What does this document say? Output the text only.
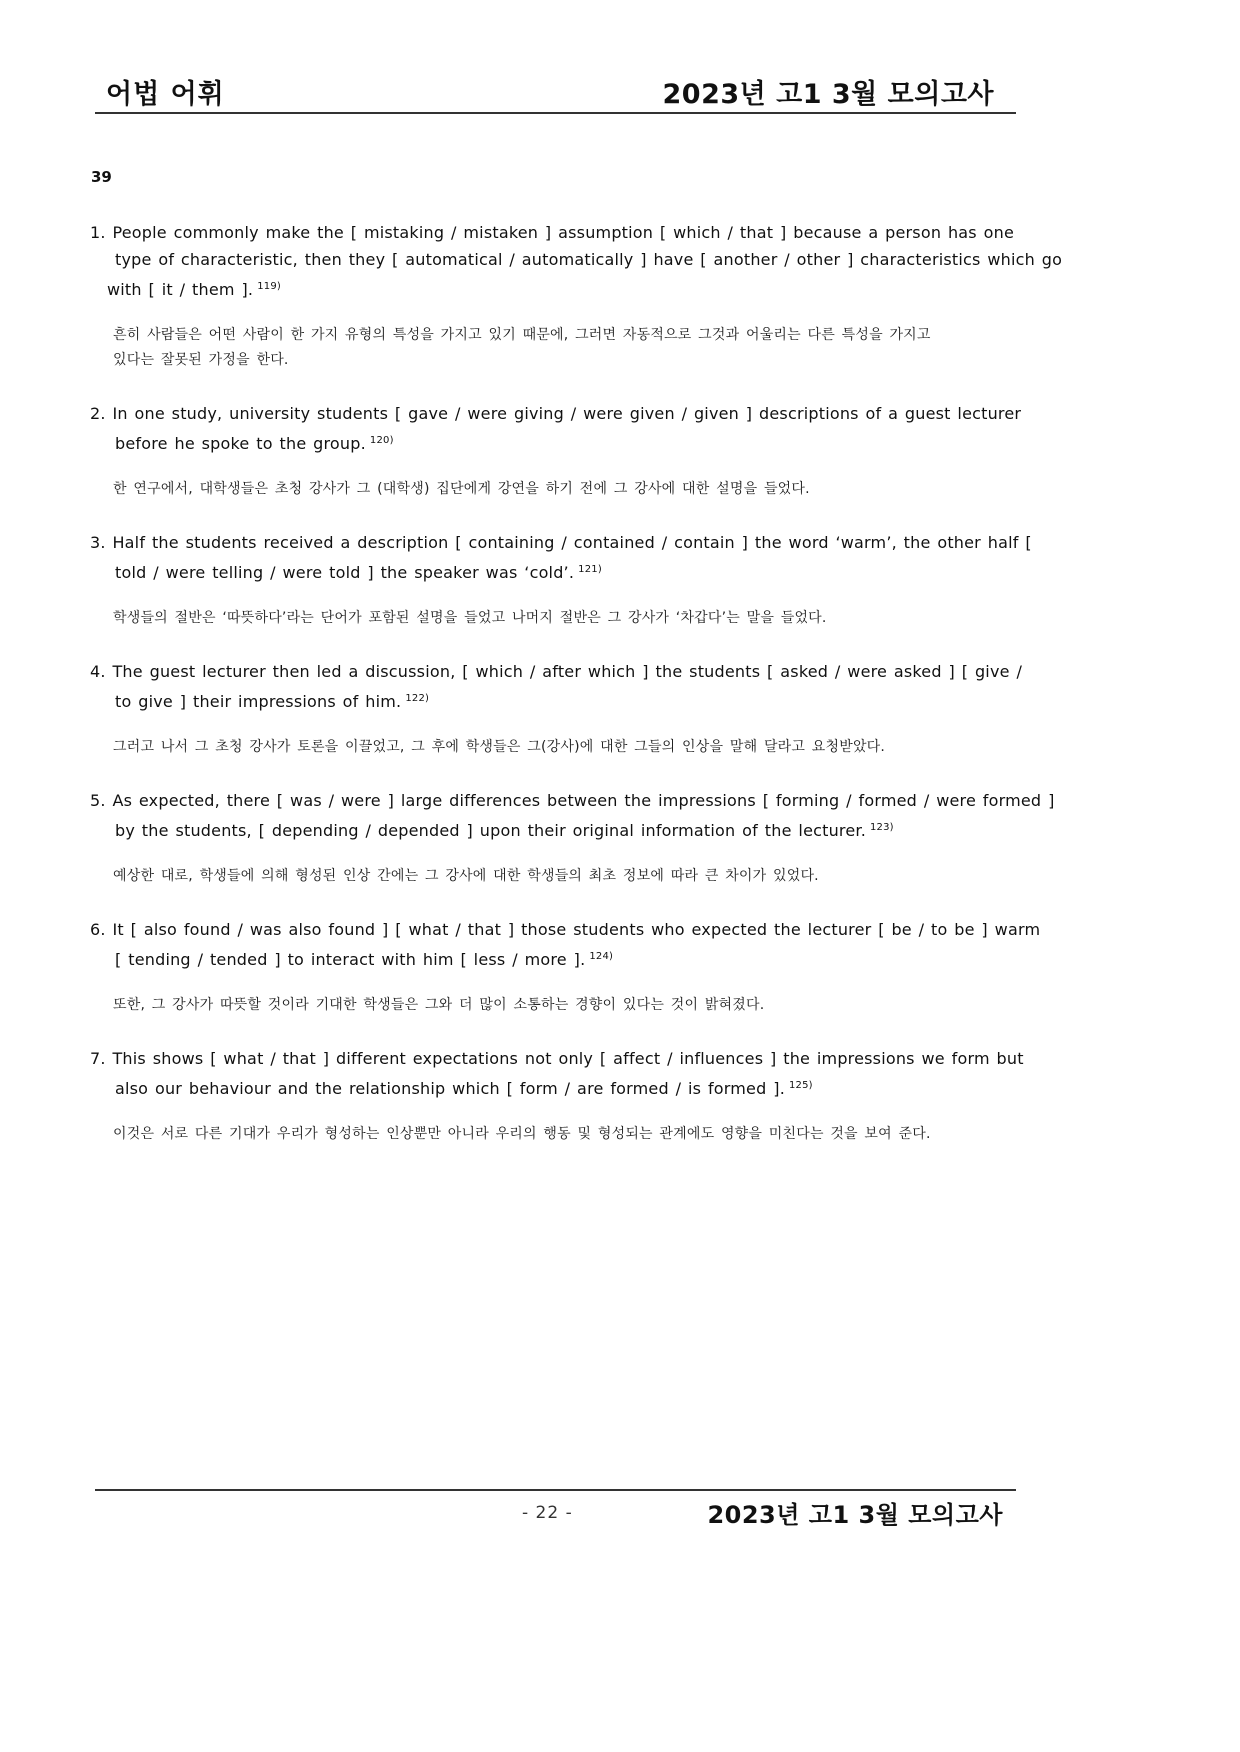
어법 어휘	2023년 고1 3월 모의고사
39
1. People commonly make the [ mistaking / mistaken ] assumption [ which / that ] because a person has one
type of characteristic, then they [ automatical / automatically ] have [ another / other ] characteristics which go
with [ it / them ]. $^{119)}$
흔히 사람들은 어떤 사람이 한 가지 유형의 특성을 가지고 있기 때문에, 그러면 자동적으로 그것과 어울리는 다른 특성을 가지고
있다는 잘못된 가정을 한다.
2. In one study, university students [ gave / were giving / were given / given ] descriptions of a guest lecturer
before he spoke to the group. $^{120)}$
한 연구에서, 대학생들은 초청 강사가 그 (대학생) 집단에게 강연을 하기 전에 그 강사에 대한 설명을 들었다.
3. Half the students received a description [ containing / contained / contain ] the word ‘warm’, the other half [
told / were telling / were told ] the speaker was ‘cold’. $^{121)}$
학생들의 절반은 ‘따뜻하다’라는 단어가 포함된 설명을 들었고 나머지 절반은 그 강사가 ‘차갑다’는 말을 들었다.
4. The guest lecturer then led a discussion, [ which / after which ] the students [ asked / were asked ] [ give /
to give ] their impressions of him. $^{122)}$
그러고 나서 그 초청 강사가 토론을 이끌었고, 그 후에 학생들은 그(강사)에 대한 그들의 인상을 말해 달라고 요청받았다.
5. As expected, there [ was / were ] large differences between the impressions [ forming / formed / were formed ]
by the students, [ depending / depended ] upon their original information of the lecturer. $^{123)}$
예상한 대로, 학생들에 의해 형성된 인상 간에는 그 강사에 대한 학생들의 최초 정보에 따라 큰 차이가 있었다.
6. It [ also found / was also found ] [ what / that ] those students who expected the lecturer [ be / to be ] warm
[ tending / tended ] to interact with him [ less / more ]. $^{124)}$
또한, 그 강사가 따뜻할 것이라 기대한 학생들은 그와 더 많이 소통하는 경향이 있다는 것이 밝혀졌다.
7. This shows [ what / that ] different expectations not only [ affect / influences ] the impressions we form but
also our behaviour and the relationship which [ form / are formed / is formed ]. $^{125)}$
이것은 서로 다른 기대가 우리가 형성하는 인상뿐만 아니라 우리의 행동 및 형성되는 관계에도 영향을 미친다는 것을 보여 준다.
- 22 -	2023년 고1 3월 모의고사
